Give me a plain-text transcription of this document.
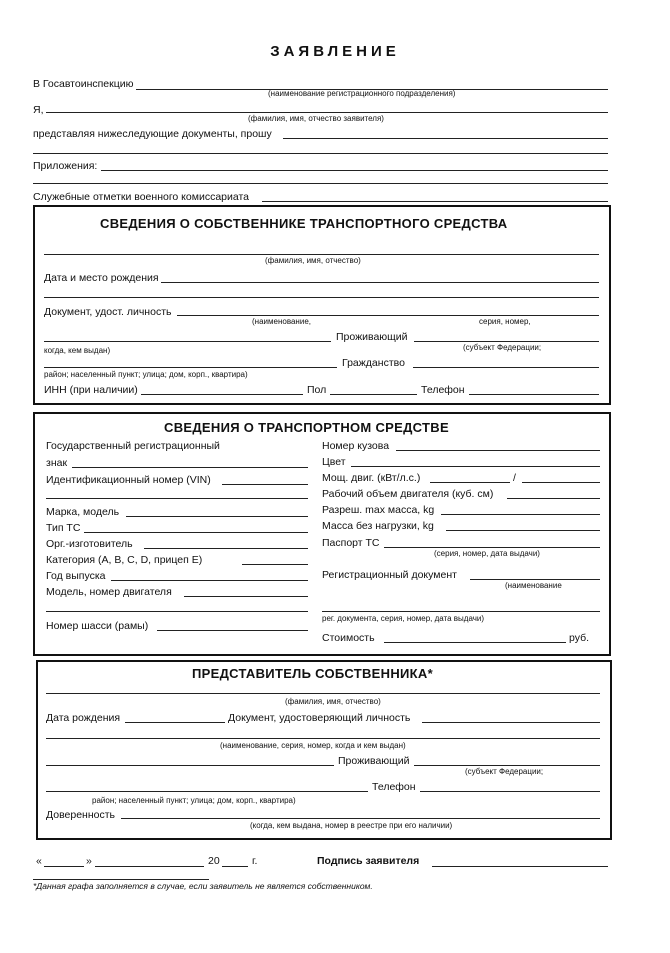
ЗАЯВЛЕНИЕ
В Госавтоинспекцию
(наименование регистрационного подразделения)
Я,
(фамилия, имя, отчество заявителя)
представляя нижеследующие документы, прошу
Приложения:
Служебные отметки военного комиссариата
СВЕДЕНИЯ О СОБСТВЕННИКЕ ТРАНСПОРТНОГО СРЕДСТВА
(фамилия, имя, отчество)
Дата и место рождения
Документ, удост. личность
(наименование,	серия, номер,
Проживающий
когда, кем выдан)	(субъект Федерации;
Гражданство
район; населенный пункт; улица; дом, корп., квартира)
ИНН (при наличии)	Пол	Телефон
СВЕДЕНИЯ О ТРАНСПОРТНОМ СРЕДСТВЕ
Государственный регистрационный
знак
Идентификационный номер (VIN)
Марка, модель
Тип ТС
Орг.-изготовитель
Категория (A, B, C, D, прицеп E)
Год выпуска
Модель, номер двигателя
Номер шасси (рамы)
Номер кузова
Цвет
Мощ. двиг. (кВт/л.с.)	/
Рабочий объем двигателя (куб. см)
Разреш. max масса, kg
Масса без нагрузки, kg
Паспорт ТС
(серия, номер, дата выдачи)
Регистрационный документ
(наименование
рег. документа, серия, номер, дата выдачи)
Стоимость	руб.
ПРЕДСТАВИТЕЛЬ СОБСТВЕННИКА*
(фамилия, имя, отчество)
Дата рождения	Документ, удостоверяющий личность
(наименование, серия, номер, когда и кем выдан)
Проживающий
(субъект Федерации;
Телефон
район; населенный пункт; улица; дом, корп., квартира)
Доверенность
(когда, кем выдана, номер в реестре при его наличии)
«	»	20	г.	Подпись заявителя
*Данная графа заполняется в случае, если заявитель не является собственником.
